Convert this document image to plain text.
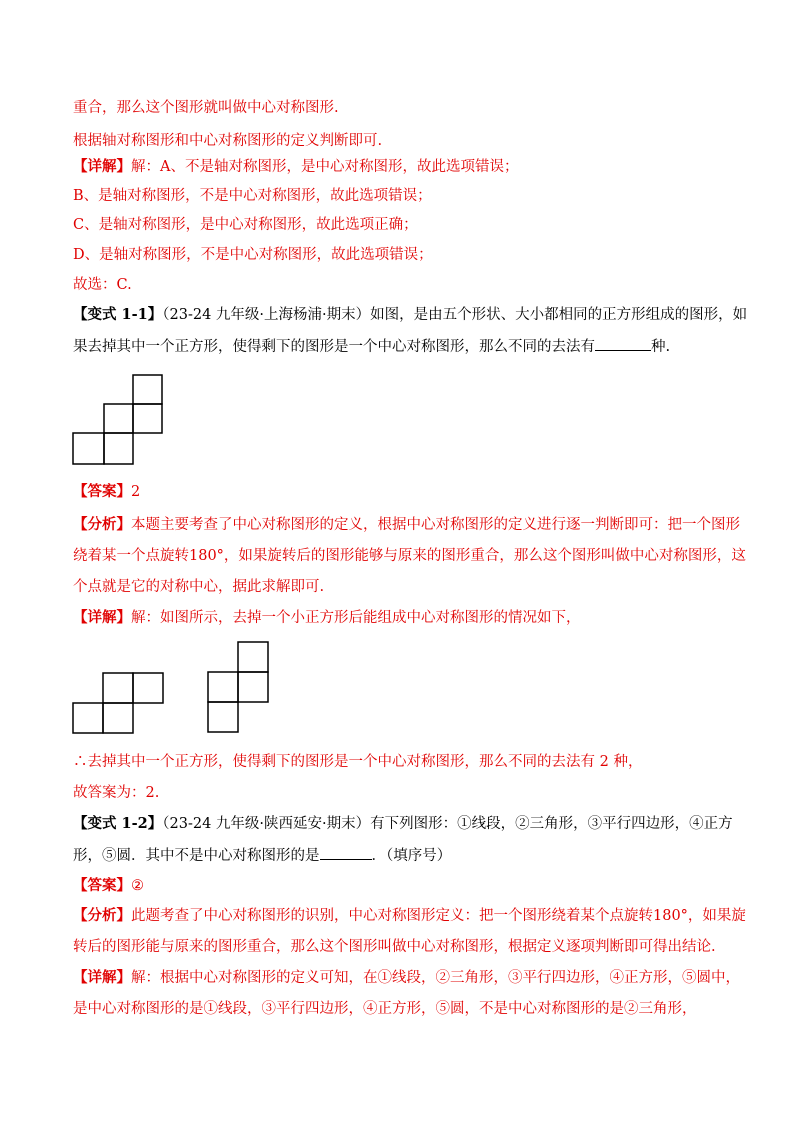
重合，那么这个图形就叫做中心对称图形.
根据轴对称图形和中心对称图形的定义判断即可.
【详解】解：A、不是轴对称图形，是中心对称图形，故此选项错误；
B、是轴对称图形，不是中心对称图形，故此选项错误；
C、是轴对称图形，是中心对称图形，故此选项正确；
D、是轴对称图形，不是中心对称图形，故此选项错误；
故选：C.
【变式 1-1】（23-24 九年级·上海杨浦·期末）如图，是由五个形状、大小都相同的正方形组成的图形，如
果去掉其中一个正方形，使得剩下的图形是一个中心对称图形，那么不同的去法有	种.
【答案】2
【分析】本题主要考查了中心对称图形的定义，根据中心对称图形的定义进行逐一判断即可：把一个图形
绕着某一个点旋转180°，如果旋转后的图形能够与原来的图形重合，那么这个图形叫做中心对称图形，这
个点就是它的对称中心，据此求解即可.
【详解】解：如图所示，去掉一个小正方形后能组成中心对称图形的情况如下，
∴去掉其中一个正方形，使得剩下的图形是一个中心对称图形，那么不同的去法有 2 种，
故答案为：2.
【变式 1-2】（23-24 九年级·陕西延安·期末）有下列图形：①线段，②三角形，③平行四边形，④正方
形，⑤圆．其中不是中心对称图形的是	．（填序号）
【答案】②
【分析】此题考查了中心对称图形的识别，中心对称图形定义：把一个图形绕着某个点旋转180°，如果旋
转后的图形能与原来的图形重合，那么这个图形叫做中心对称图形，根据定义逐项判断即可得出结论.
【详解】解：根据中心对称图形的定义可知，在①线段，②三角形，③平行四边形，④正方形，⑤圆中，
是中心对称图形的是①线段，③平行四边形，④正方形，⑤圆，不是中心对称图形的是②三角形，
